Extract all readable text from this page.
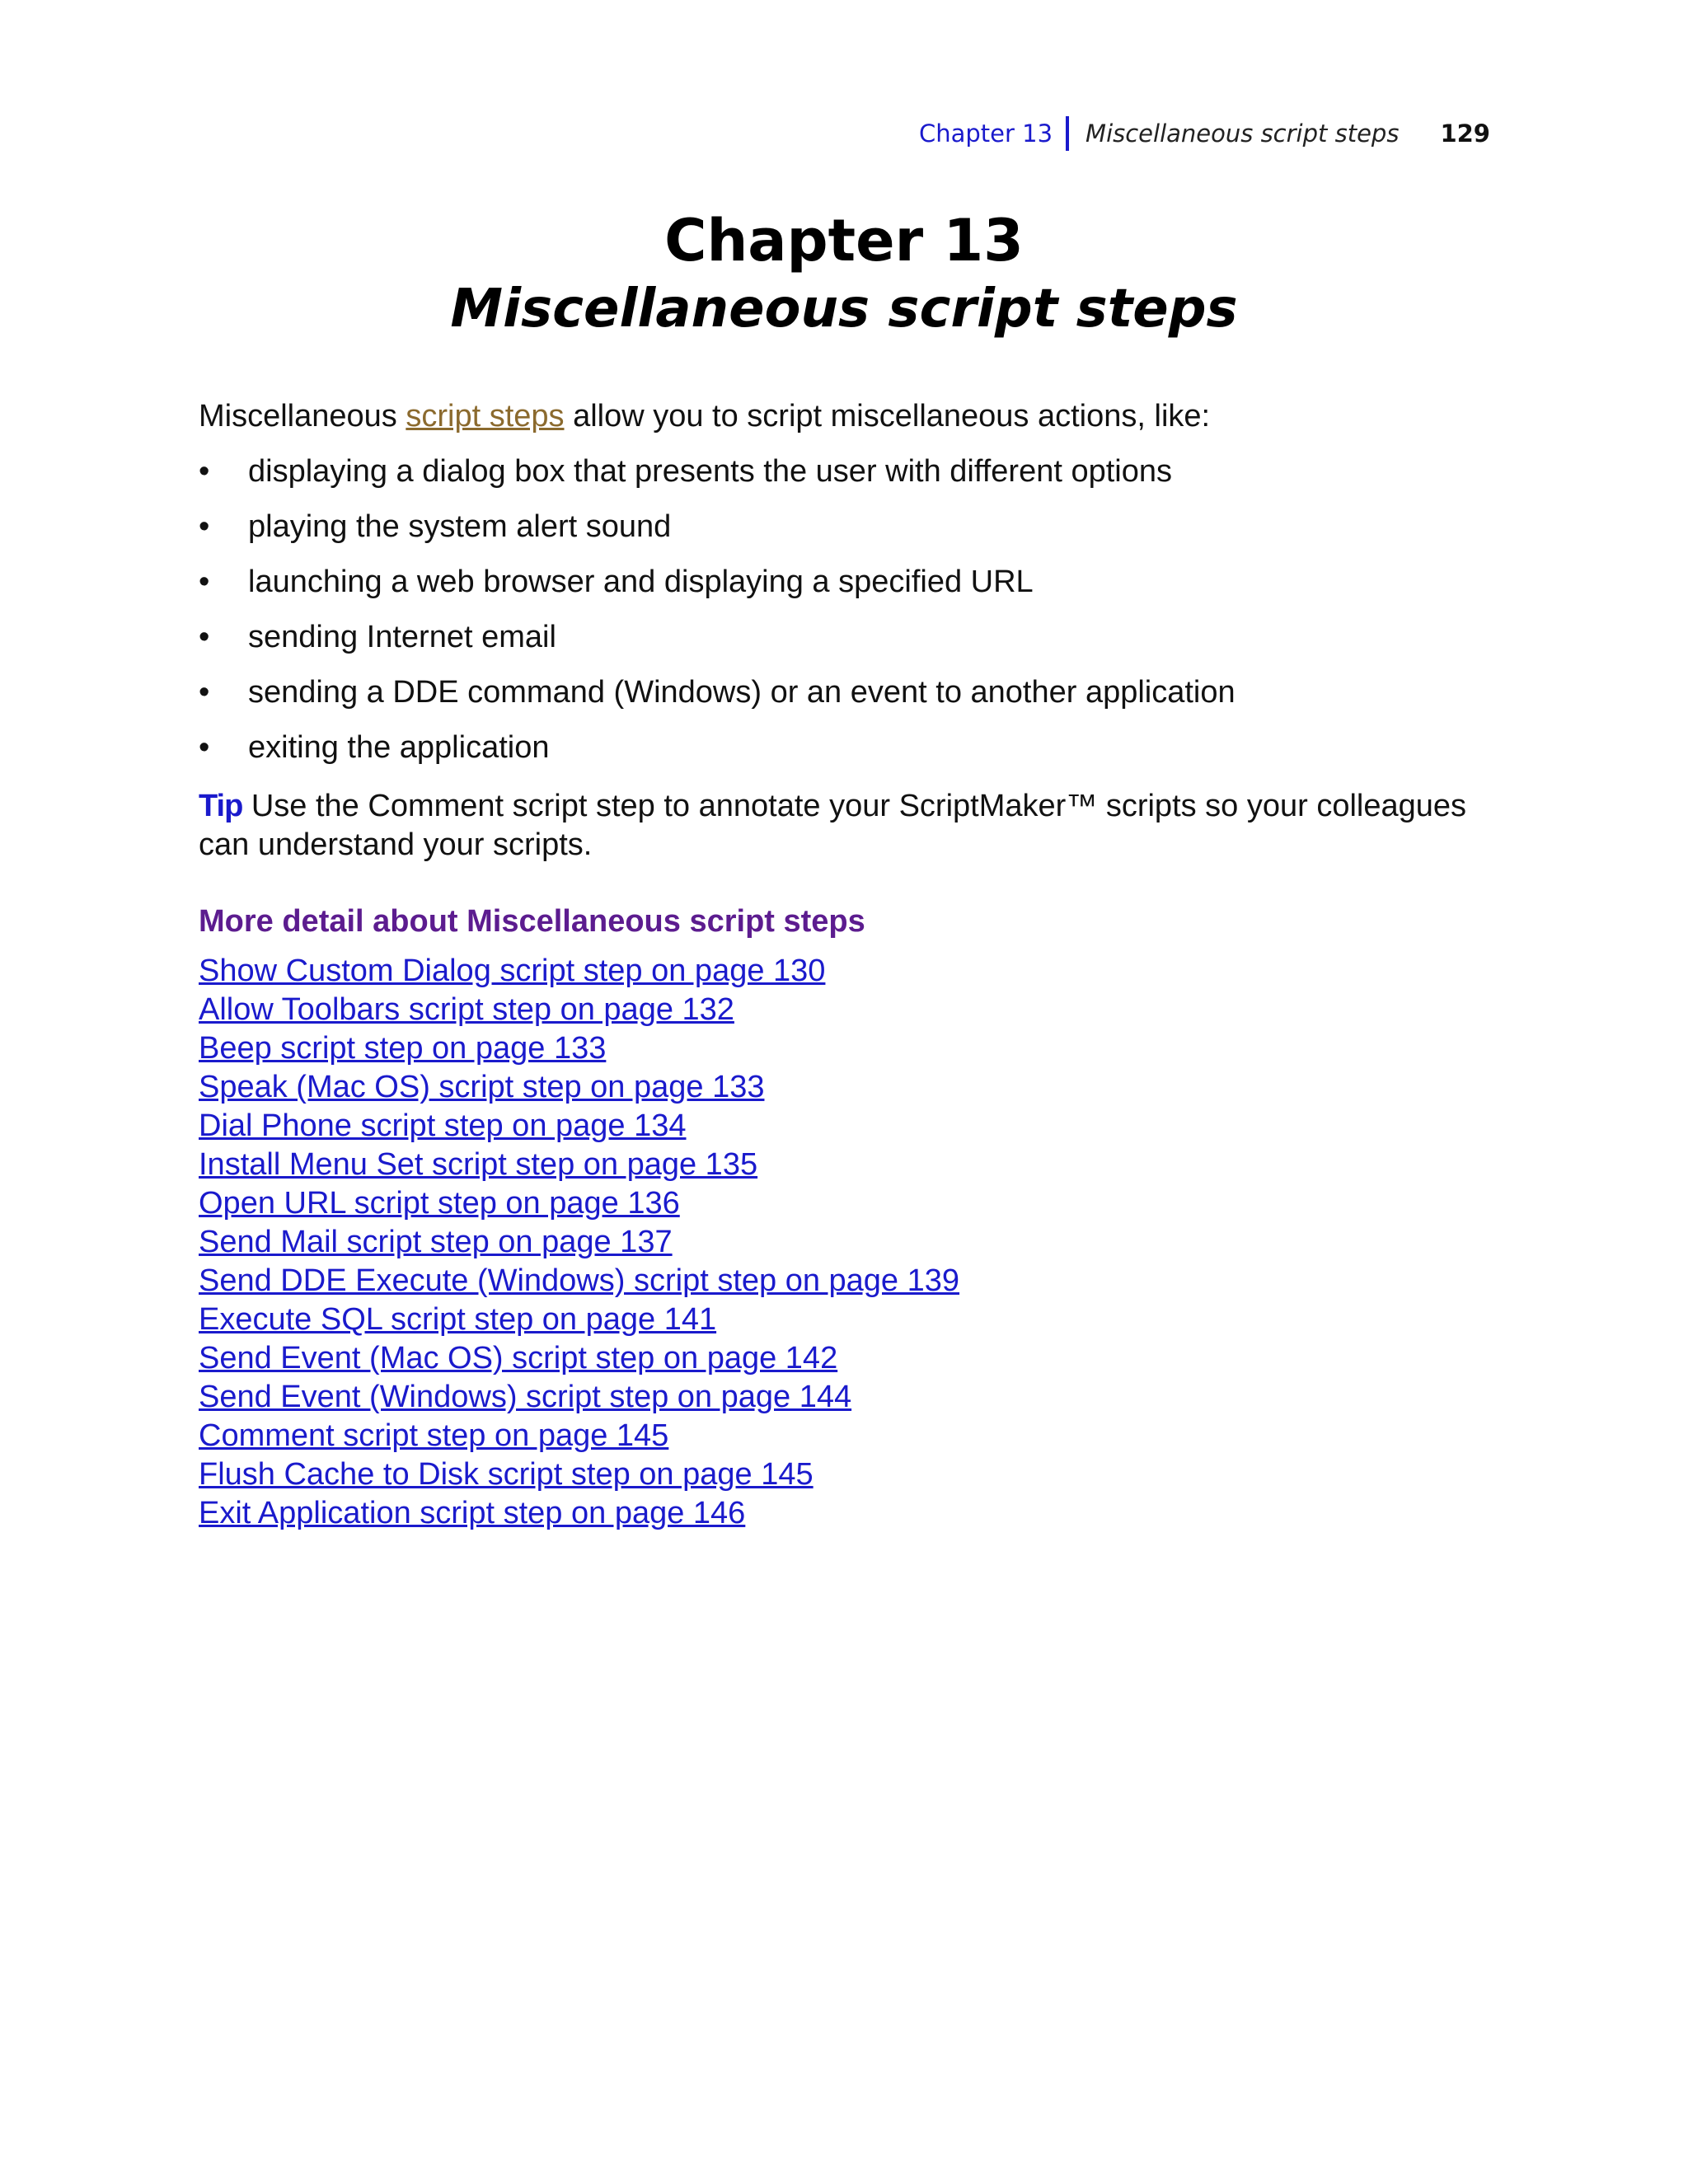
Chapter 13 Miscellaneous script steps 129
Chapter 13
Miscellaneous script steps

Miscellaneous script steps allow you to script miscellaneous actions, like:

• displaying a dialog box that presents the user with different options
• playing the system alert sound
• launching a web browser and displaying a specified URL
• sending Internet email
• sending a DDE command (Windows) or an event to another application
• exiting the application
Tip Use the Comment script step to annotate your ScriptMaker™ scripts so your colleagues can understand your scripts.
More detail about Miscellaneous script steps
Show Custom Dialog script step on page 130
Allow Toolbars script step on page 132
Beep script step on page 133
Speak (Mac OS) script step on page 133
Dial Phone script step on page 134
Install Menu Set script step on page 135
Open URL script step on page 136
Send Mail script step on page 137
Send DDE Execute (Windows) script step on page 139
Execute SQL script step on page 141
Send Event (Mac OS) script step on page 142
Send Event (Windows) script step on page 144
Comment script step on page 145
Flush Cache to Disk script step on page 145
Exit Application script step on page 146
